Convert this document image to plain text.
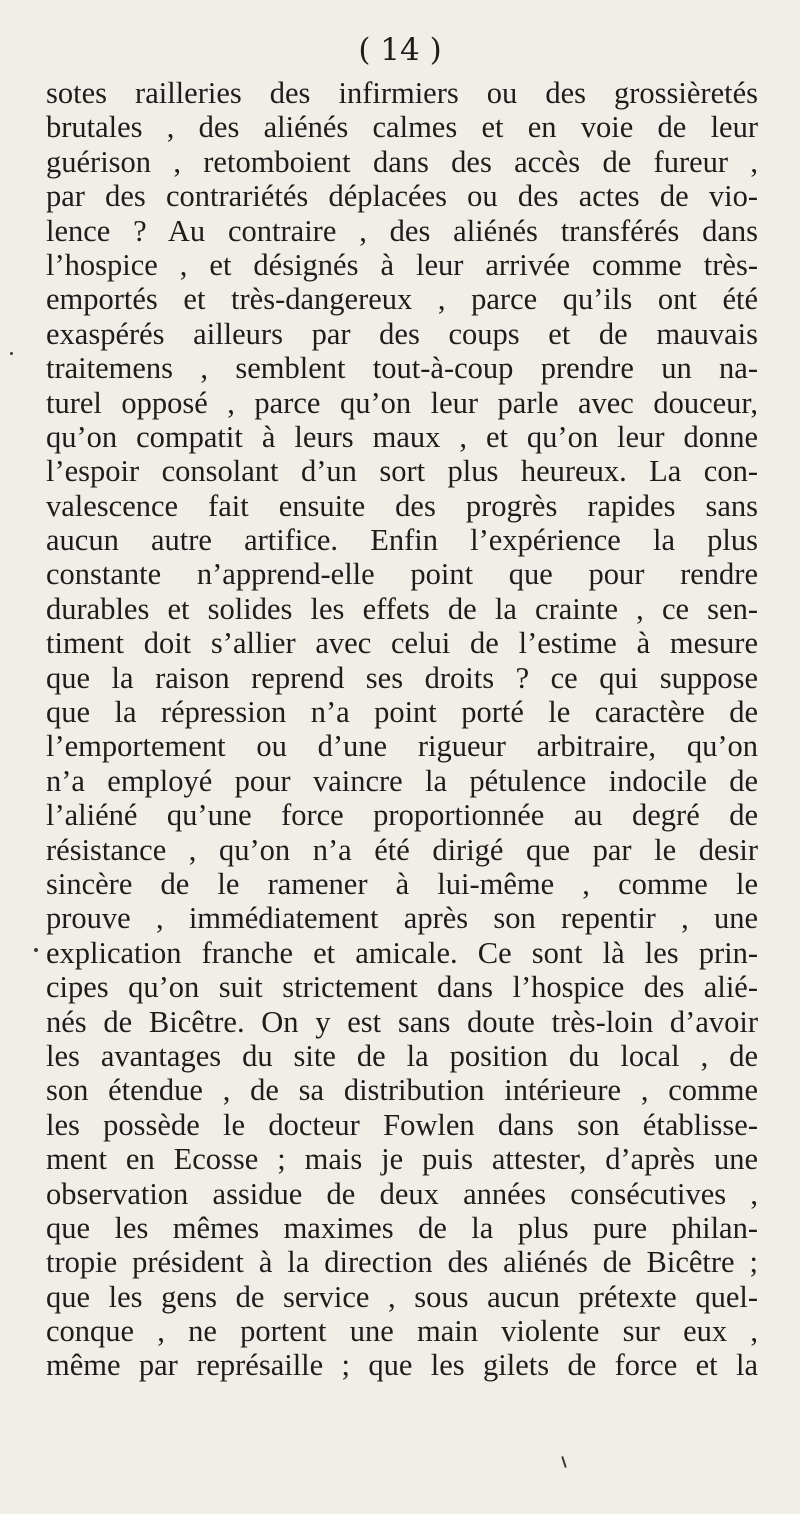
( 14 )
sotes railleries des infirmiers ou des grossièretés
brutales , des aliénés calmes et en voie de leur
guérison , retomboient dans des accès de fureur ,
par des contrariétés déplacées ou des actes de vio-
lence ? Au contraire , des aliénés transférés dans
l’hospice , et désignés à leur arrivée comme très-
emportés et très-dangereux , parce qu’ils ont été
exaspérés ailleurs par des coups et de mauvais
traitemens , semblent tout-à-coup prendre un na-
turel opposé , parce qu’on leur parle avec douceur,
qu’on compatit à leurs maux , et qu’on leur donne
l’espoir consolant d’un sort plus heureux. La con-
valescence fait ensuite des progrès rapides sans
aucun autre artifice. Enfin l’expérience la plus
constante n’apprend-elle point que pour rendre
durables et solides les effets de la crainte , ce sen-
timent doit s’allier avec celui de l’estime à mesure
que la raison reprend ses droits ? ce qui suppose
que la répression n’a point porté le caractère de
l’emportement ou d’une rigueur arbitraire, qu’on
n’a employé pour vaincre la pétulence indocile de
l’aliéné qu’une force proportionnée au degré de
résistance , qu’on n’a été dirigé que par le desir
sincère de le ramener à lui-même , comme le
prouve , immédiatement après son repentir , une
explication franche et amicale. Ce sont là les prin-
cipes qu’on suit strictement dans l’hospice des alié-
nés de Bicêtre. On y est sans doute très-loin d’avoir
les avantages du site de la position du local , de
son étendue , de sa distribution intérieure , comme
les possède le docteur Fowlen dans son établisse-
ment en Ecosse ; mais je puis attester, d’après une
observation assidue de deux années consécutives ,
que les mêmes maximes de la plus pure philan-
tropie président à la direction des aliénés de Bicêtre ;
que les gens de service , sous aucun prétexte quel-
conque , ne portent une main violente sur eux ,
même par représaille ; que les gilets de force et la
